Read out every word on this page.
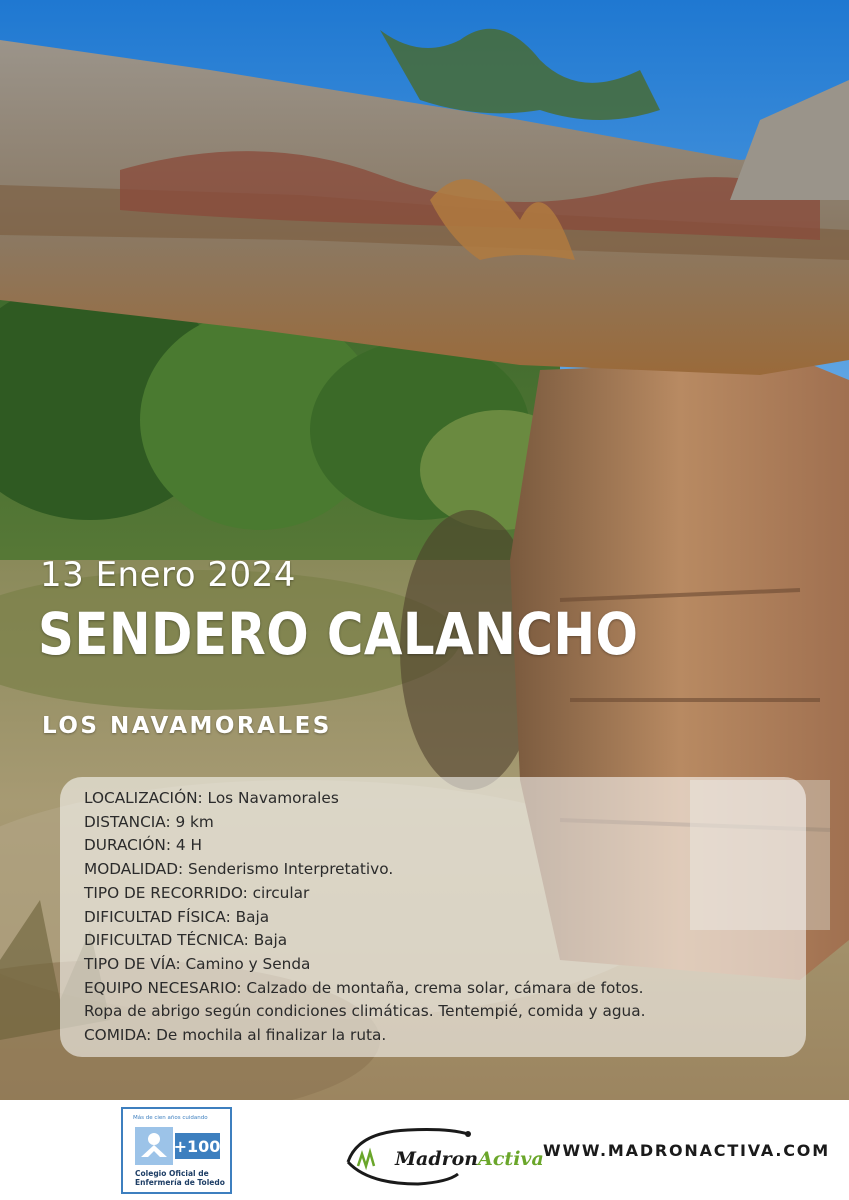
13 Enero 2024
SENDERO CALANCHO
LOS NAVAMORALES
LOCALIZACIÓN: Los Navamorales
DISTANCIA: 9 km
DURACIÓN: 4 H
MODALIDAD: Senderismo Interpretativo.
TIPO DE RECORRIDO: circular
DIFICULTAD FÍSICA: Baja
DIFICULTAD TÉCNICA: Baja
TIPO DE VÍA: Camino y Senda
EQUIPO NECESARIO: Calzado de montaña, crema solar, cámara de fotos.
Ropa de abrigo según condiciones climáticas. Tentempié, comida y agua.
COMIDA: De mochila al finalizar la ruta.
Más de cien años cuidando
+100
Colegio Oficial de
Enfermería de Toledo
MadronActiva WWW.MADRONACTIVA.COM
